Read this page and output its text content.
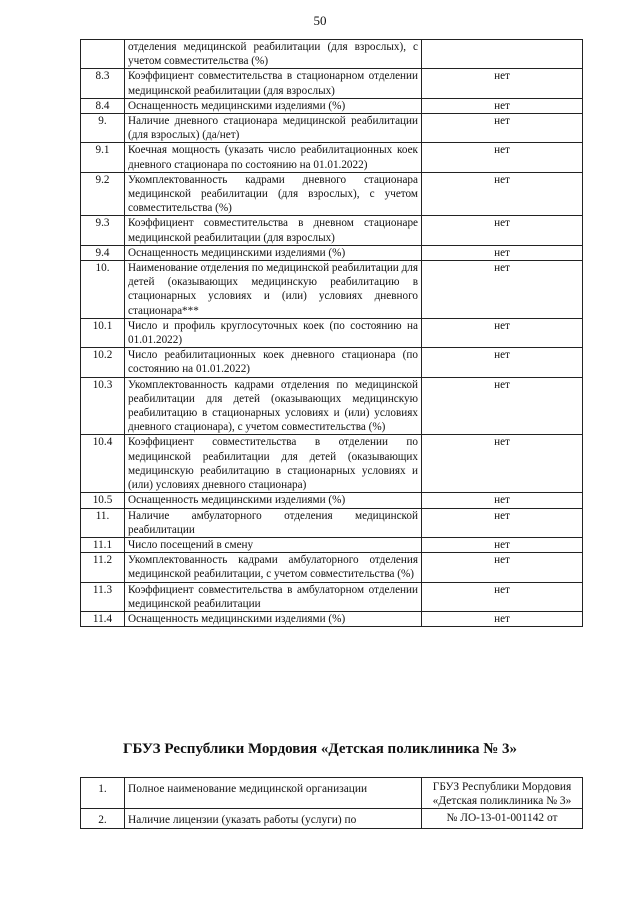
50
	отделения медицинской реабилитации (для взрослых), с учетом совместительства (%)	
8.3	Коэффициент совместительства в стационарном отделении медицинской реабилитации (для взрослых)	нет
8.4	Оснащенность медицинскими изделиями (%)	нет
9.	Наличие дневного стационара медицинской реабилитации (для взрослых) (да/нет)	нет
9.1	Коечная мощность (указать число реабилитационных коек дневного стационара по состоянию на 01.01.2022)	нет
9.2	Укомплектованность кадрами дневного стационара медицинской реабилитации (для взрослых), с учетом совместительства (%)	нет
9.3	Коэффициент совместительства в дневном стационаре медицинской реабилитации (для взрослых)	нет
9.4	Оснащенность медицинскими изделиями (%)	нет
10.	Наименование отделения по медицинской реабилитации для детей (оказывающих медицинскую реабилитацию в стационарных условиях и (или) условиях дневного стационара***	нет
10.1	Число и профиль круглосуточных коек (по состоянию на 01.01.2022)	нет
10.2	Число реабилитационных коек дневного стационара (по состоянию на 01.01.2022)	нет
10.3	Укомплектованность кадрами отделения по медицинской реабилитации для детей (оказывающих медицинскую реабилитацию в стационарных условиях и (или) условиях дневного стационара), с учетом совместительства (%)	нет
10.4	Коэффициент совместительства в отделении по медицинской реабилитации для детей (оказывающих медицинскую реабилитацию в стационарных условиях и (или) условиях дневного стационара)	нет
10.5	Оснащенность медицинскими изделиями (%)	нет
11.	Наличие амбулаторного отделения медицинской реабилитации	нет
11.1	Число посещений в смену	нет
11.2	Укомплектованность кадрами амбулаторного отделения медицинской реабилитации, с учетом совместительства (%)	нет
11.3	Коэффициент совместительства в амбулаторном отделении медицинской реабилитации	нет
11.4	Оснащенность медицинскими изделиями (%)	нет
ГБУЗ Республики Мордовия «Детская поликлиника № 3»
1.	Полное наименование медицинской организации	ГБУЗ Республики Мордовия
«Детская поликлиника № 3»

2.	Наличие лицензии (указать работы (услуги) по	№ ЛО-13-01-001142 от
